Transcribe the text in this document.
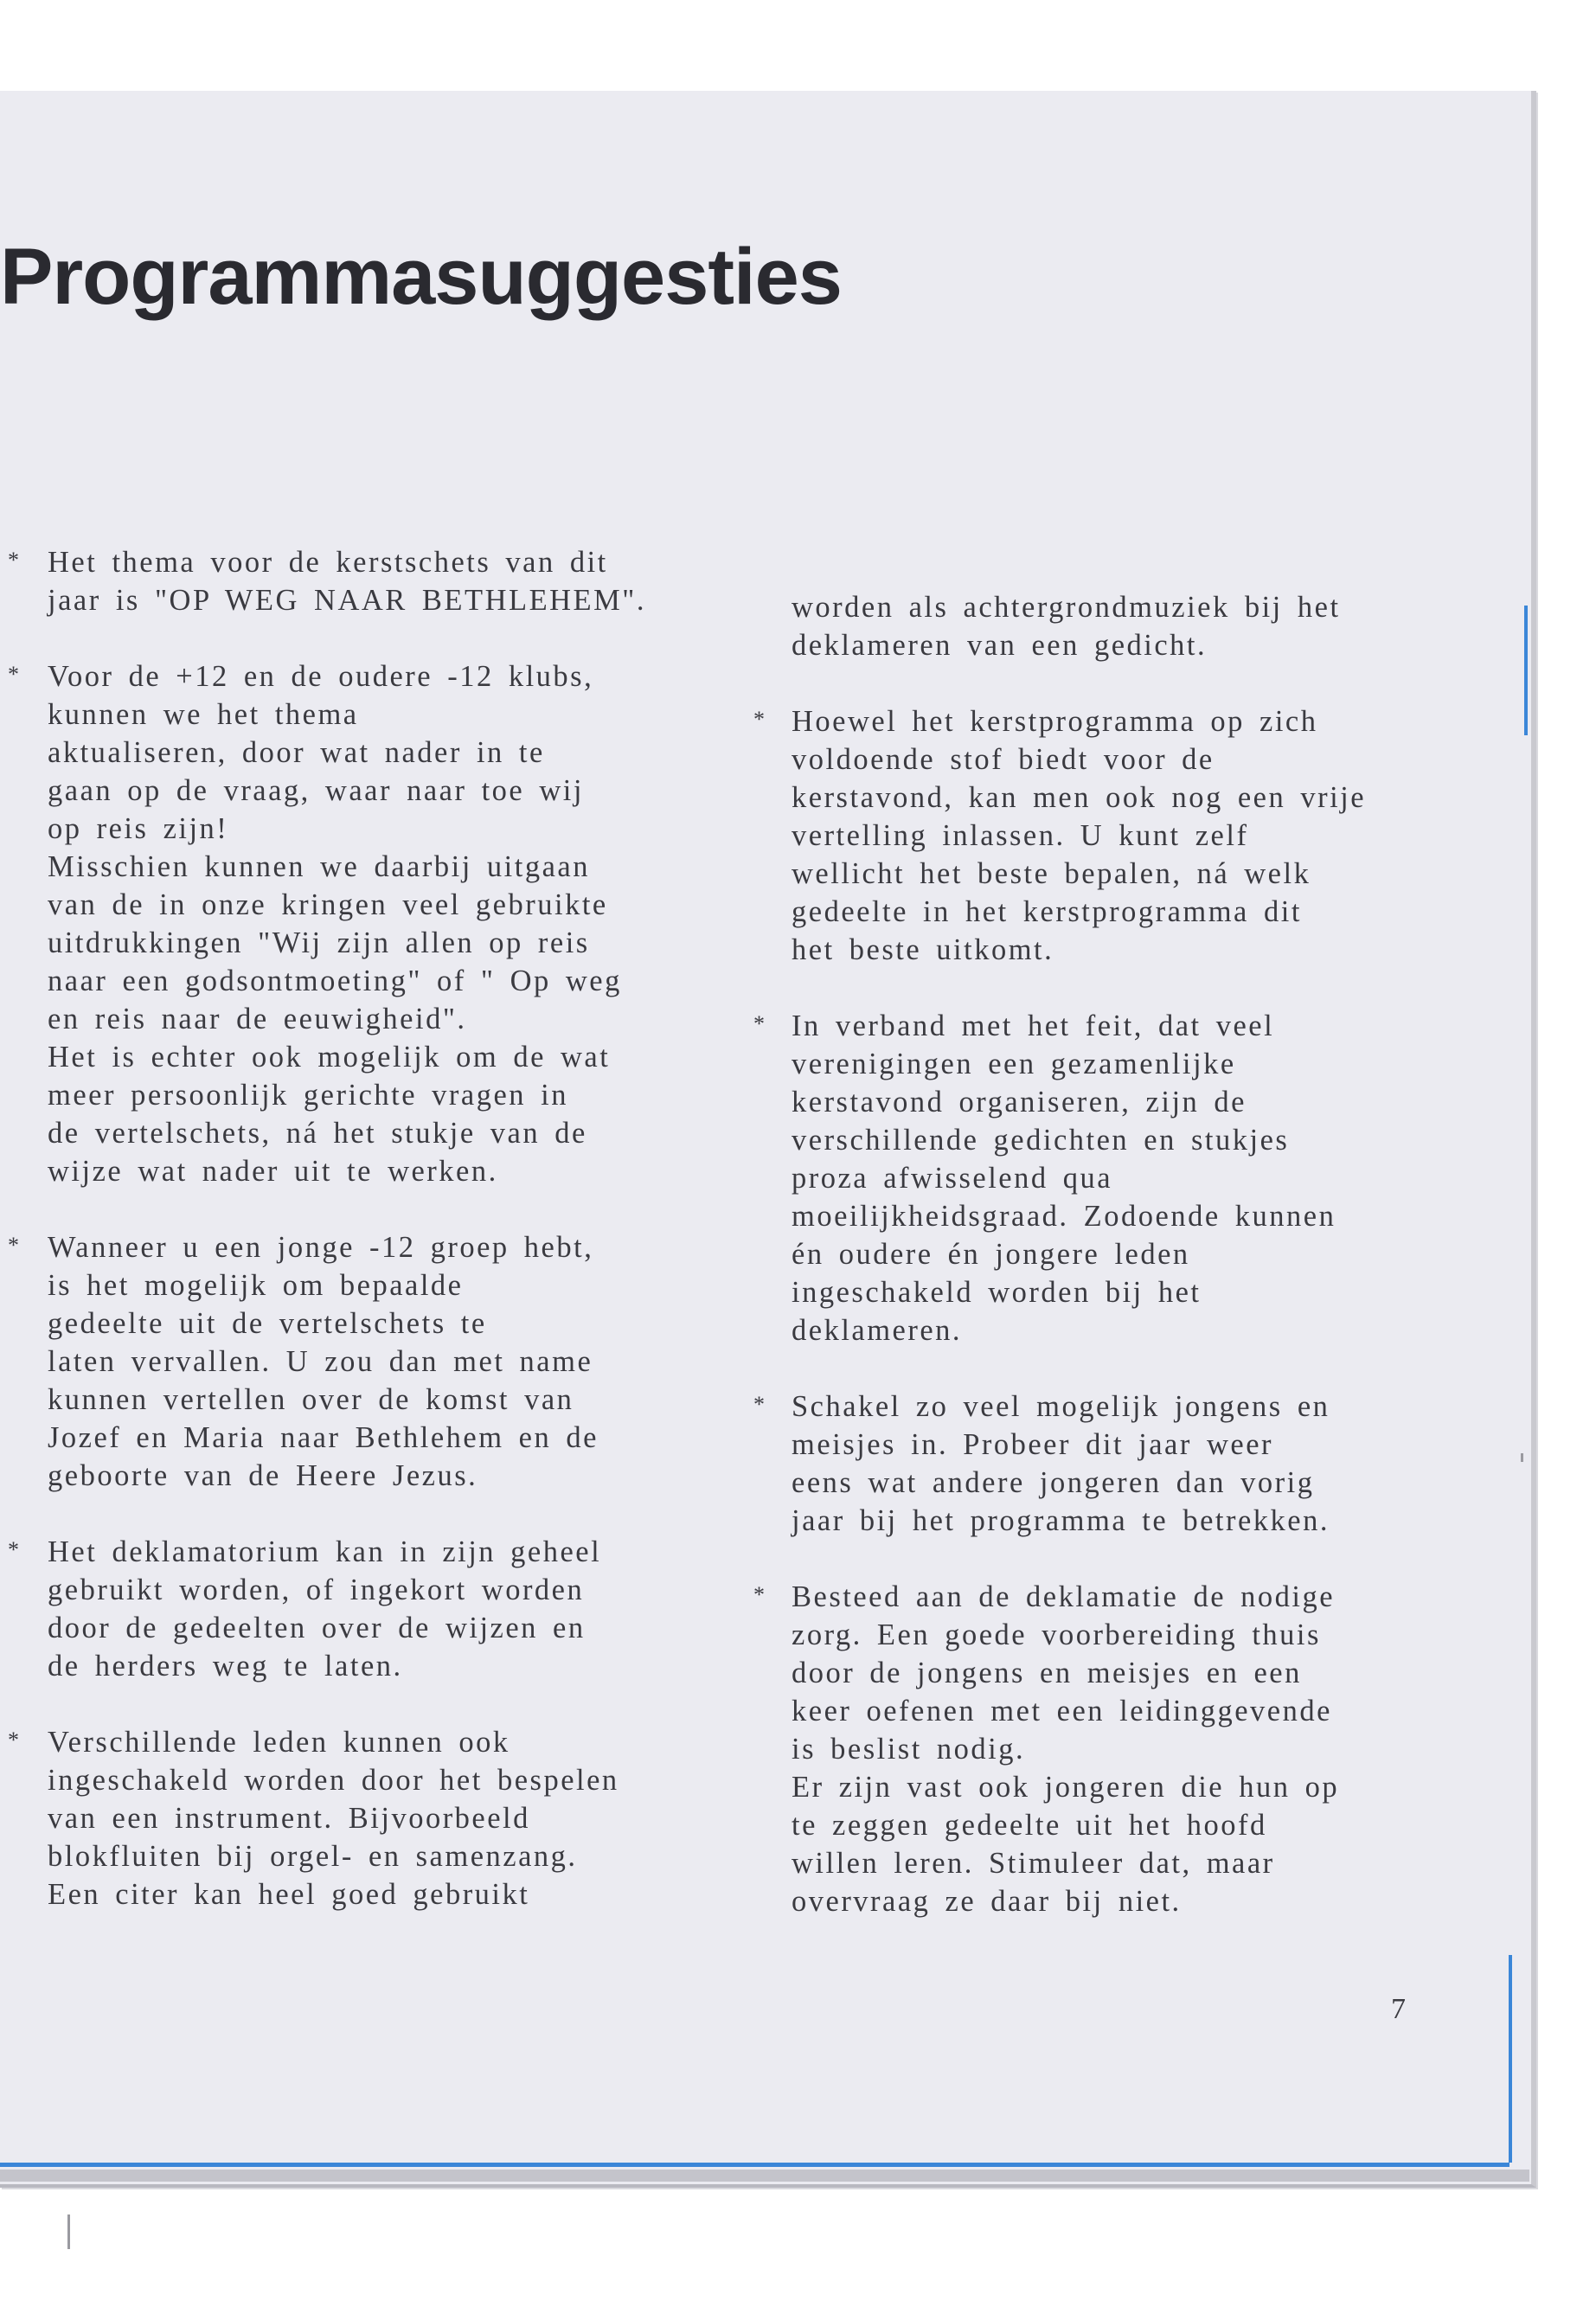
Programmasuggesties
* Het thema voor de kerstschets van dit
jaar is "OP WEG NAAR BETHLEHEM".
* Voor de +12 en de oudere -12 klubs,
kunnen we het thema
aktualiseren, door wat nader in te
gaan op de vraag, waar naar toe wij
op reis zijn!
Misschien kunnen we daarbij uitgaan
van de in onze kringen veel gebruikte
uitdrukkingen "Wij zijn allen op reis
naar een godsontmoeting" of " Op weg
en reis naar de eeuwigheid".
Het is echter ook mogelijk om de wat
meer persoonlijk gerichte vragen in
de vertelschets, ná het stukje van de
wijze wat nader uit te werken.
* Wanneer u een jonge -12 groep hebt,
is het mogelijk om bepaalde
gedeelte uit de vertelschets te
laten vervallen. U zou dan met name
kunnen vertellen over de komst van
Jozef en Maria naar Bethlehem en de
geboorte van de Heere Jezus.
* Het deklamatorium kan in zijn geheel
gebruikt worden, of ingekort worden
door de gedeelten over de wijzen en
de herders weg te laten.
* Verschillende leden kunnen ook
ingeschakeld worden door het bespelen
van een instrument. Bijvoorbeeld
blokfluiten bij orgel- en samenzang.
Een citer kan heel goed gebruikt
worden als achtergrondmuziek bij het
deklameren van een gedicht.
* Hoewel het kerstprogramma op zich
voldoende stof biedt voor de
kerstavond, kan men ook nog een vrije
vertelling inlassen. U kunt zelf
wellicht het beste bepalen, ná welk
gedeelte in het kerstprogramma dit
het beste uitkomt.
* In verband met het feit, dat veel
verenigingen een gezamenlijke
kerstavond organiseren, zijn de
verschillende gedichten en stukjes
proza afwisselend qua
moeilijkheidsgraad. Zodoende kunnen
én oudere én jongere leden
ingeschakeld worden bij het
deklameren.
* Schakel zo veel mogelijk jongens en
meisjes in. Probeer dit jaar weer
eens wat andere jongeren dan vorig
jaar bij het programma te betrekken.
* Besteed aan de deklamatie de nodige
zorg. Een goede voorbereiding thuis
door de jongens en meisjes en een
keer oefenen met een leidinggevende
is beslist nodig.
Er zijn vast ook jongeren die hun op
te zeggen gedeelte uit het hoofd
willen leren. Stimuleer dat, maar
overvraag ze daar bij niet.
7
